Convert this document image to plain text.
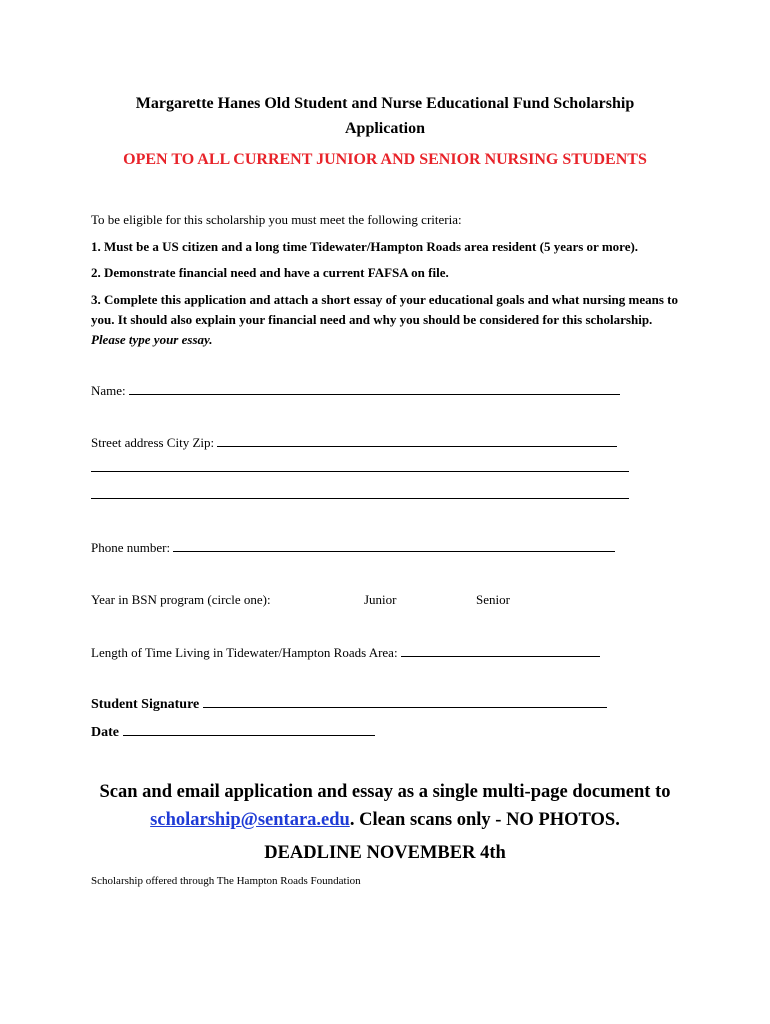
Margarette Hanes Old Student and Nurse Educational Fund Scholarship
Application
OPEN TO ALL CURRENT JUNIOR AND SENIOR NURSING STUDENTS
To be eligible for this scholarship you must meet the following criteria:
1. Must be a US citizen and a long time Tidewater/Hampton Roads area resident (5 years or more).
2. Demonstrate financial need and have a current FAFSA on file.
3. Complete this application and attach a short essay of your educational goals and what nursing means to you. It should also explain your financial need and why you should be considered for this scholarship. Please type your essay.
Name:
Street address City Zip:
Phone number:
Year in BSN program (circle one):	Junior	Senior
Length of Time Living in Tidewater/Hampton Roads Area:
Student Signature
Date
Scan and email application and essay as a single multi-page document to
scholarship@sentara.edu. Clean scans only - NO PHOTOS.
DEADLINE NOVEMBER 4th
Scholarship offered through The Hampton Roads Foundation
